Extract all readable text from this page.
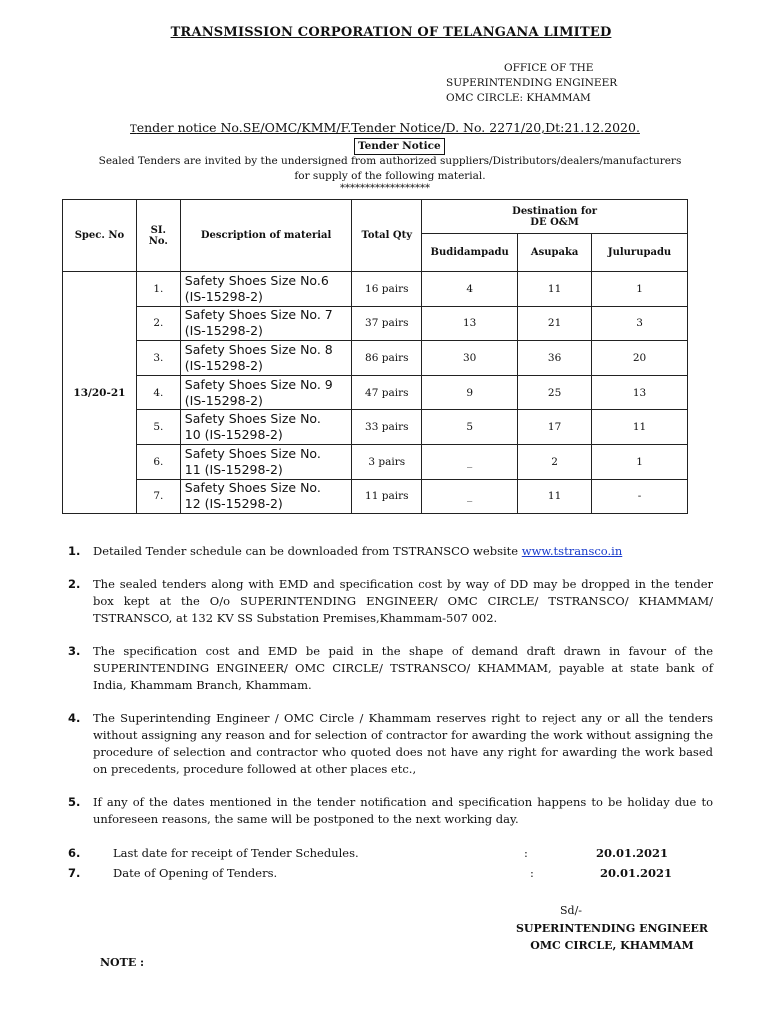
TRANSMISSION CORPORATION OF TELANGANA LIMITED
OFFICE OF THE
SUPERINTENDING ENGINEER
OMC CIRCLE: KHAMMAM
Tender notice No.SE/OMC/KMM/F.Tender Notice/D. No. 2271/20,Dt:21.12.2020.
Tender Notice
Sealed Tenders are invited by the undersigned from authorized suppliers/Distributors/dealers/manufacturers
for supply of the following material.
******************
Spec. No	SI.
No.	Description of material	Total Qty	Destination for
DE O&M		
				Budidampadu	Asupaka	Julurupadu
13/20-21	1.	Safety Shoes Size No.6
(IS-15298-2)	16 pairs	4	11	1
	2.	Safety Shoes Size No. 7
(IS-15298-2)	37 pairs	13	21	3
	3.	Safety Shoes Size No. 8
(IS-15298-2)	86 pairs	30	36	20
	4.	Safety Shoes Size No. 9
(IS-15298-2)	47 pairs	9	25	13
	5.	Safety Shoes Size No.
10 (IS-15298-2)	33 pairs	5	17	11
	6.	Safety Shoes Size No.
11 (IS-15298-2)	3 pairs	_	2	1
	7.	Safety Shoes Size No.
12 (IS-15298-2)	11 pairs	_	11	-
1.	Detailed Tender schedule can be downloaded from TSTRANSCO website www.tstransco.in
2.	The sealed tenders along with EMD and specification cost by way of DD may be dropped in the tender box kept at the O/o SUPERINTENDING ENGINEER/ OMC CIRCLE/ TSTRANSCO/ KHAMMAM/ TSTRANSCO, at 132 KV SS Substation Premises,Khammam-507 002.
3.	The specification cost and EMD be paid in the shape of demand draft drawn in favour of the SUPERINTENDING ENGINEER/ OMC CIRCLE/ TSTRANSCO/ KHAMMAM, payable at state bank of India, Khammam Branch, Khammam.
4.	The Superintending Engineer / OMC Circle / Khammam reserves right to reject any or all the tenders without assigning any reason and for selection of contractor for awarding the work without assigning the procedure of selection and contractor who quoted does not have any right for awarding the work based on precedents, procedure followed at other places etc.,
5.	If any of the dates mentioned in the tender notification and specification happens to be holiday due to unforeseen reasons, the same will be postponed to the next working day.
6.	Last date for receipt of Tender Schedules.	:	20.01.2021
7.	Date of Opening of Tenders.	:	20.01.2021
Sd/-
SUPERINTENDING ENGINEER
OMC CIRCLE, KHAMMAM
NOTE :
